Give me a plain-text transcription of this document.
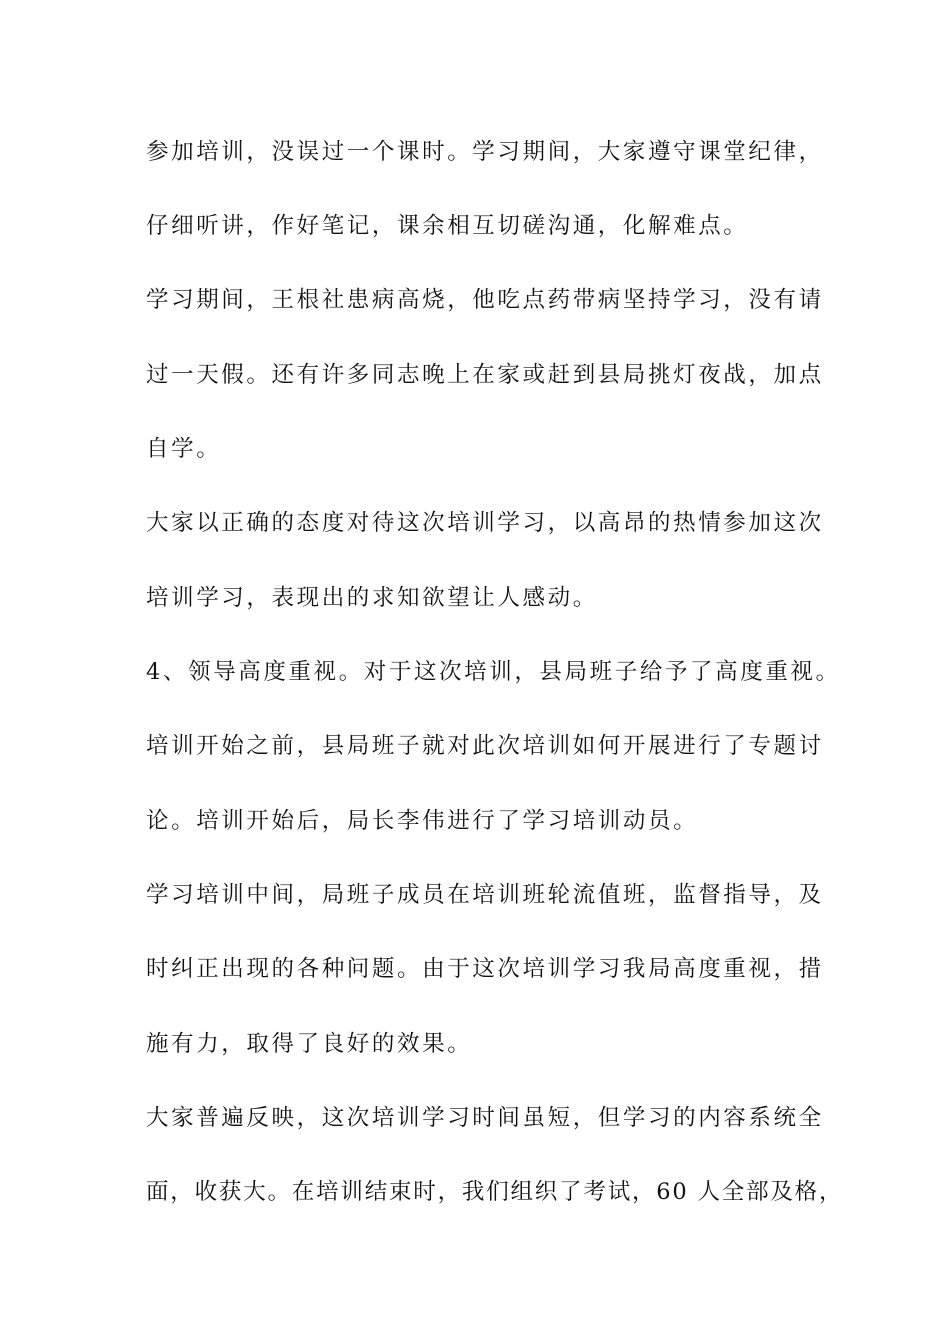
参加培训，没误过一个课时。学习期间，大家遵守课堂纪律，
仔细听讲，作好笔记，课余相互切磋沟通，化解难点。
学习期间，王根社患病高烧，他吃点药带病坚持学习，没有请
过一天假。还有许多同志晚上在家或赶到县局挑灯夜战，加点
自学。
大家以正确的态度对待这次培训学习，以高昂的热情参加这次
培训学习，表现出的求知欲望让人感动。
4、领导高度重视。对于这次培训，县局班子给予了高度重视。
培训开始之前，县局班子就对此次培训如何开展进行了专题讨
论。培训开始后，局长李伟进行了学习培训动员。
学习培训中间，局班子成员在培训班轮流值班，监督指导，及
时纠正出现的各种问题。由于这次培训学习我局高度重视，措
施有力，取得了良好的效果。
大家普遍反映，这次培训学习时间虽短，但学习的内容系统全
面，收获大。在培训结束时，我们组织了考试，60 人全部及格，
